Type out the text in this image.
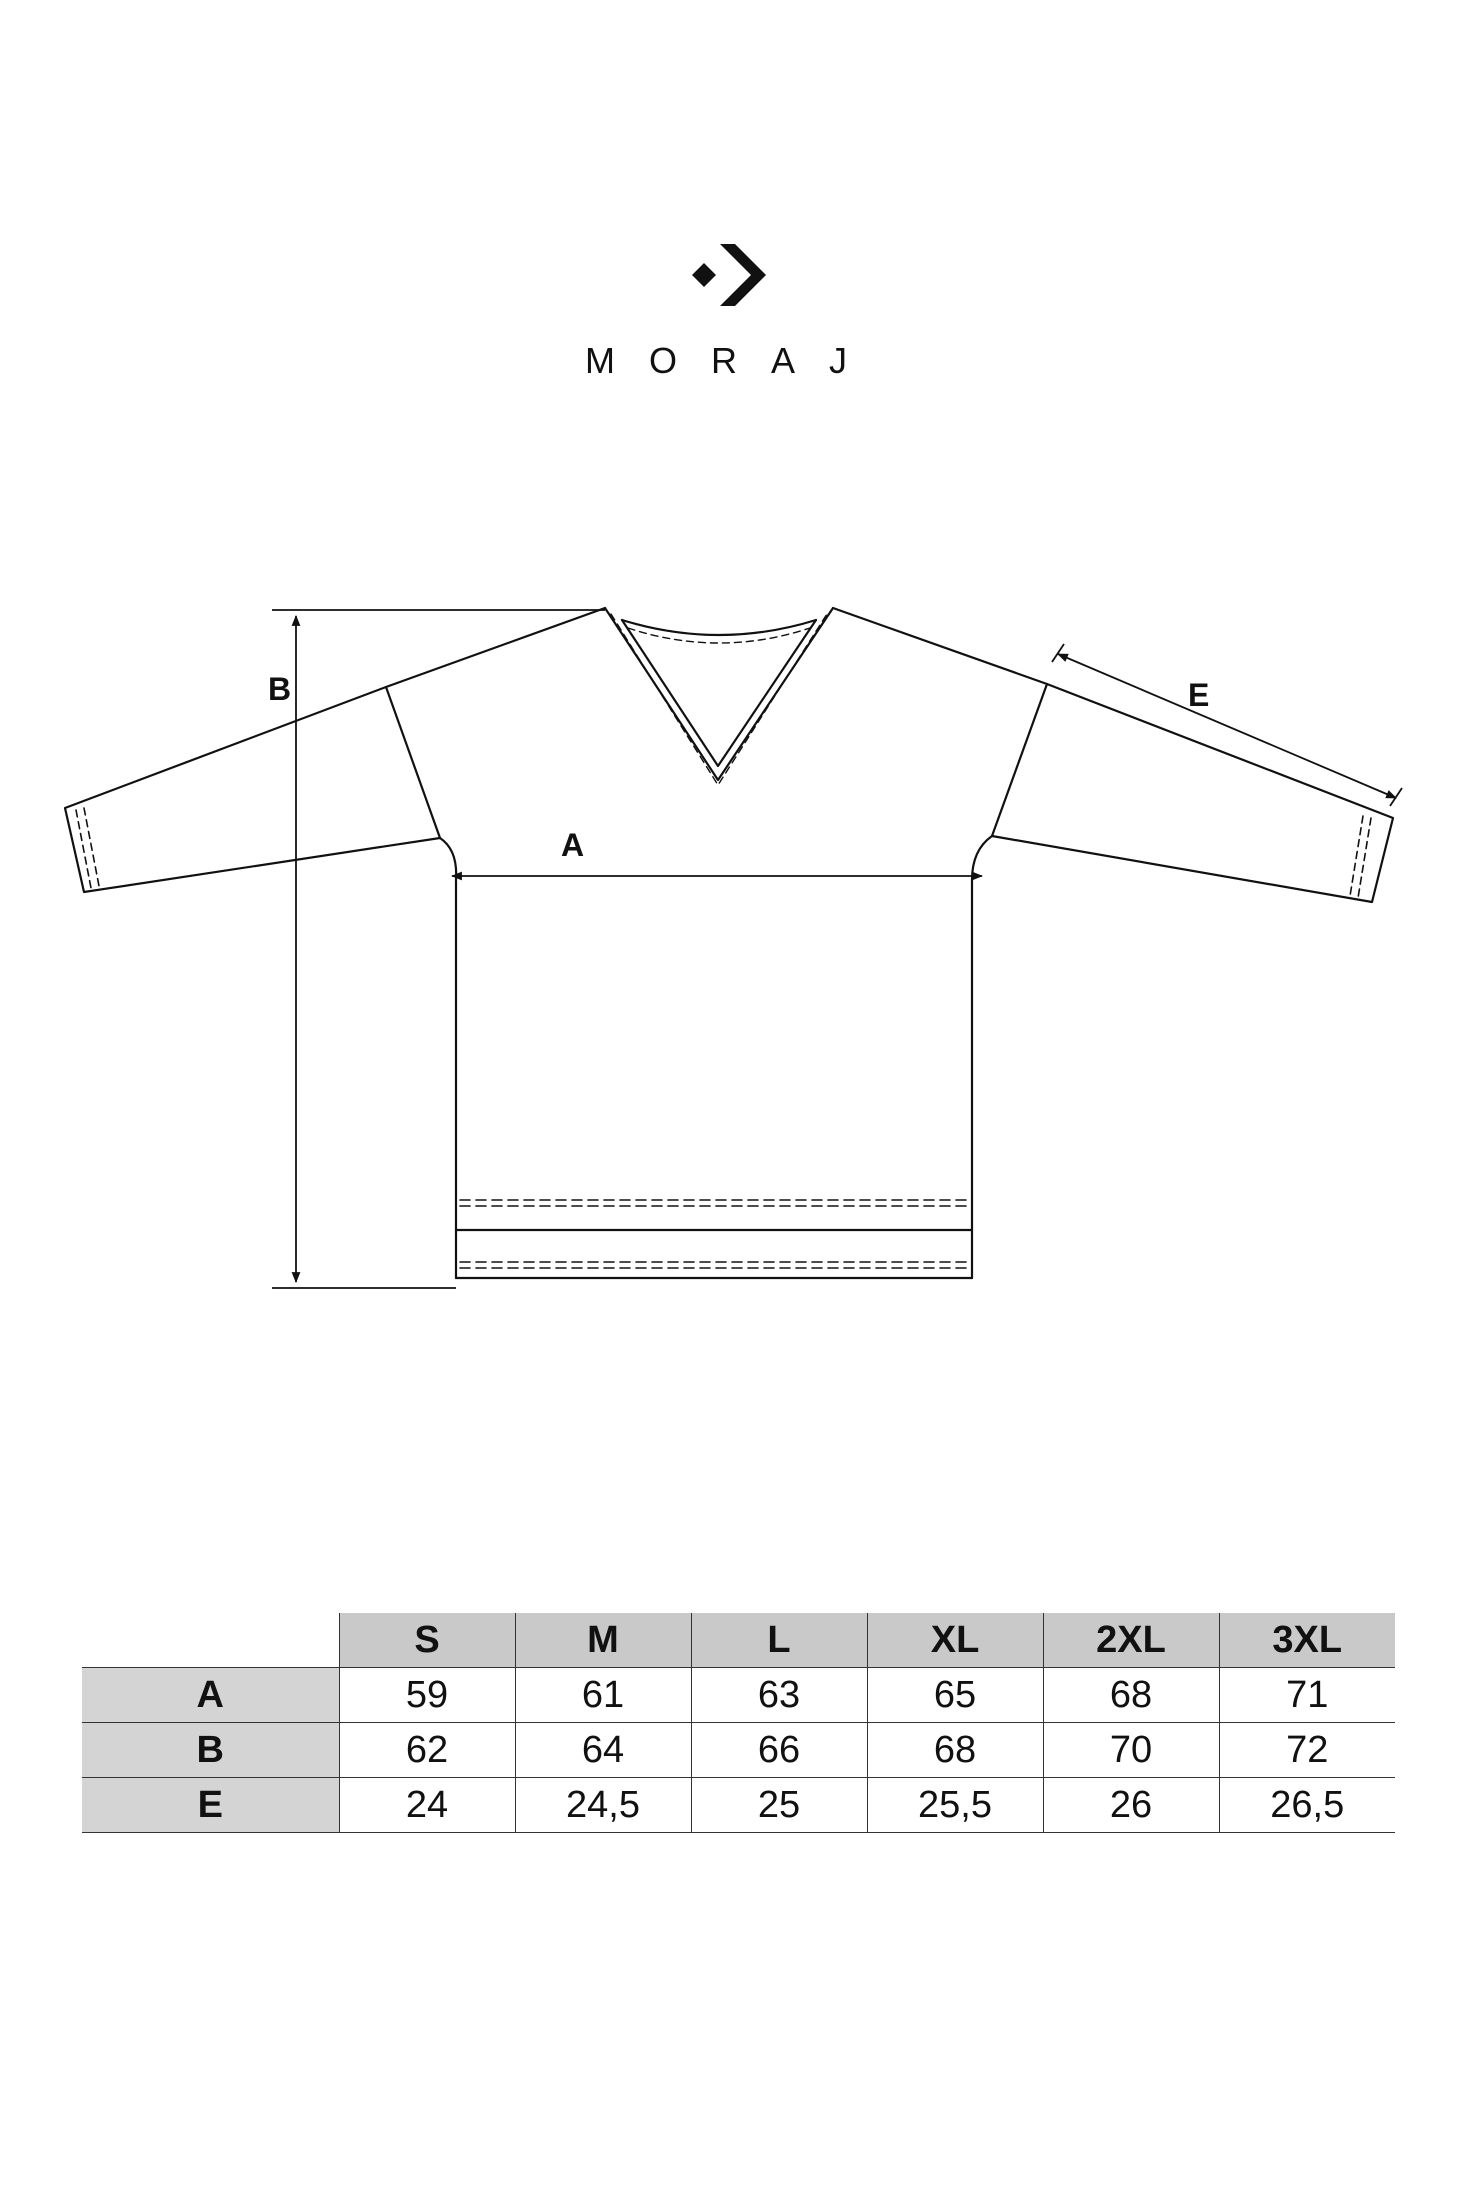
MORAJ
B
A
E
	S	M	L	XL	2XL	3XL
A	59	61	63	65	68	71
B	62	64	66	68	70	72
E	24	24,5	25	25,5	26	26,5
